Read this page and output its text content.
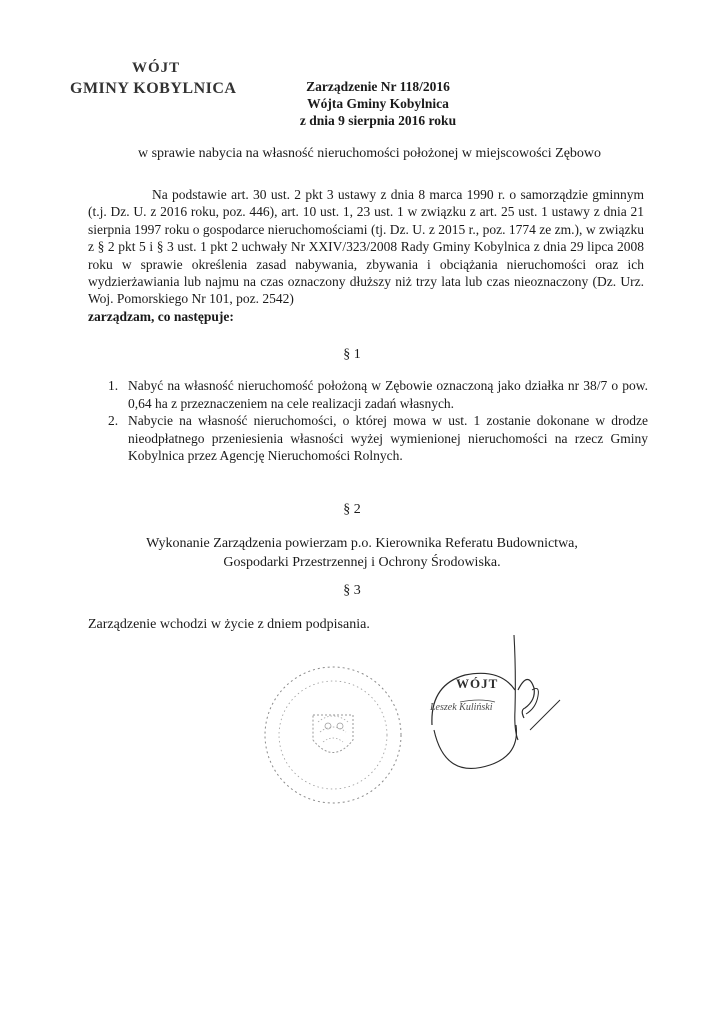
WÓJT
GMINY KOBYLNICA	Zarządzenie Nr 118/2016
Wójta Gminy Kobylnica
z dnia 9 sierpnia 2016 roku
w sprawie nabycia na własność nieruchomości położonej w miejscowości Zębowo
Na podstawie art. 30 ust. 2 pkt 3 ustawy z dnia 8 marca 1990 r. o samorządzie gminnym (t.j. Dz. U. z 2016 roku, poz. 446), art. 10 ust. 1, 23 ust. 1 w związku z art. 25 ust. 1 ustawy z dnia 21 sierpnia 1997 roku o gospodarce nieruchomościami (tj. Dz. U. z 2015 r., poz. 1774 ze zm.), w związku z § 2 pkt 5 i § 3 ust. 1 pkt 2 uchwały Nr XXIV/323/2008 Rady Gminy Kobylnica z dnia 29 lipca 2008 roku w sprawie określenia zasad nabywania, zbywania i obciążania nieruchomości oraz ich wydzierżawiania lub najmu na czas oznaczony dłuższy niż trzy lata lub czas nieoznaczony (Dz. Urz. Woj. Pomorskiego Nr 101, poz. 2542)
zarządzam, co następuje:
§ 1
1. Nabyć na własność nieruchomość położoną w Zębowie oznaczoną jako działka nr 38/7 o pow. 0,64 ha z przeznaczeniem na cele realizacji zadań własnych.
2. Nabycie na własność nieruchomości, o której mowa w ust. 1 zostanie dokonane w drodze nieodpłatnego przeniesienia własności wyżej wymienionej nieruchomości na rzecz Gminy Kobylnica przez Agencję Nieruchomości Rolnych.
§ 2
Wykonanie Zarządzenia powierzam p.o. Kierownika Referatu Budownictwa,
Gospodarki Przestrzennej i Ochrony Środowiska.
§ 3
Zarządzenie wchodzi w życie z dniem podpisania.
WÓJT
Leszek Kuliński
